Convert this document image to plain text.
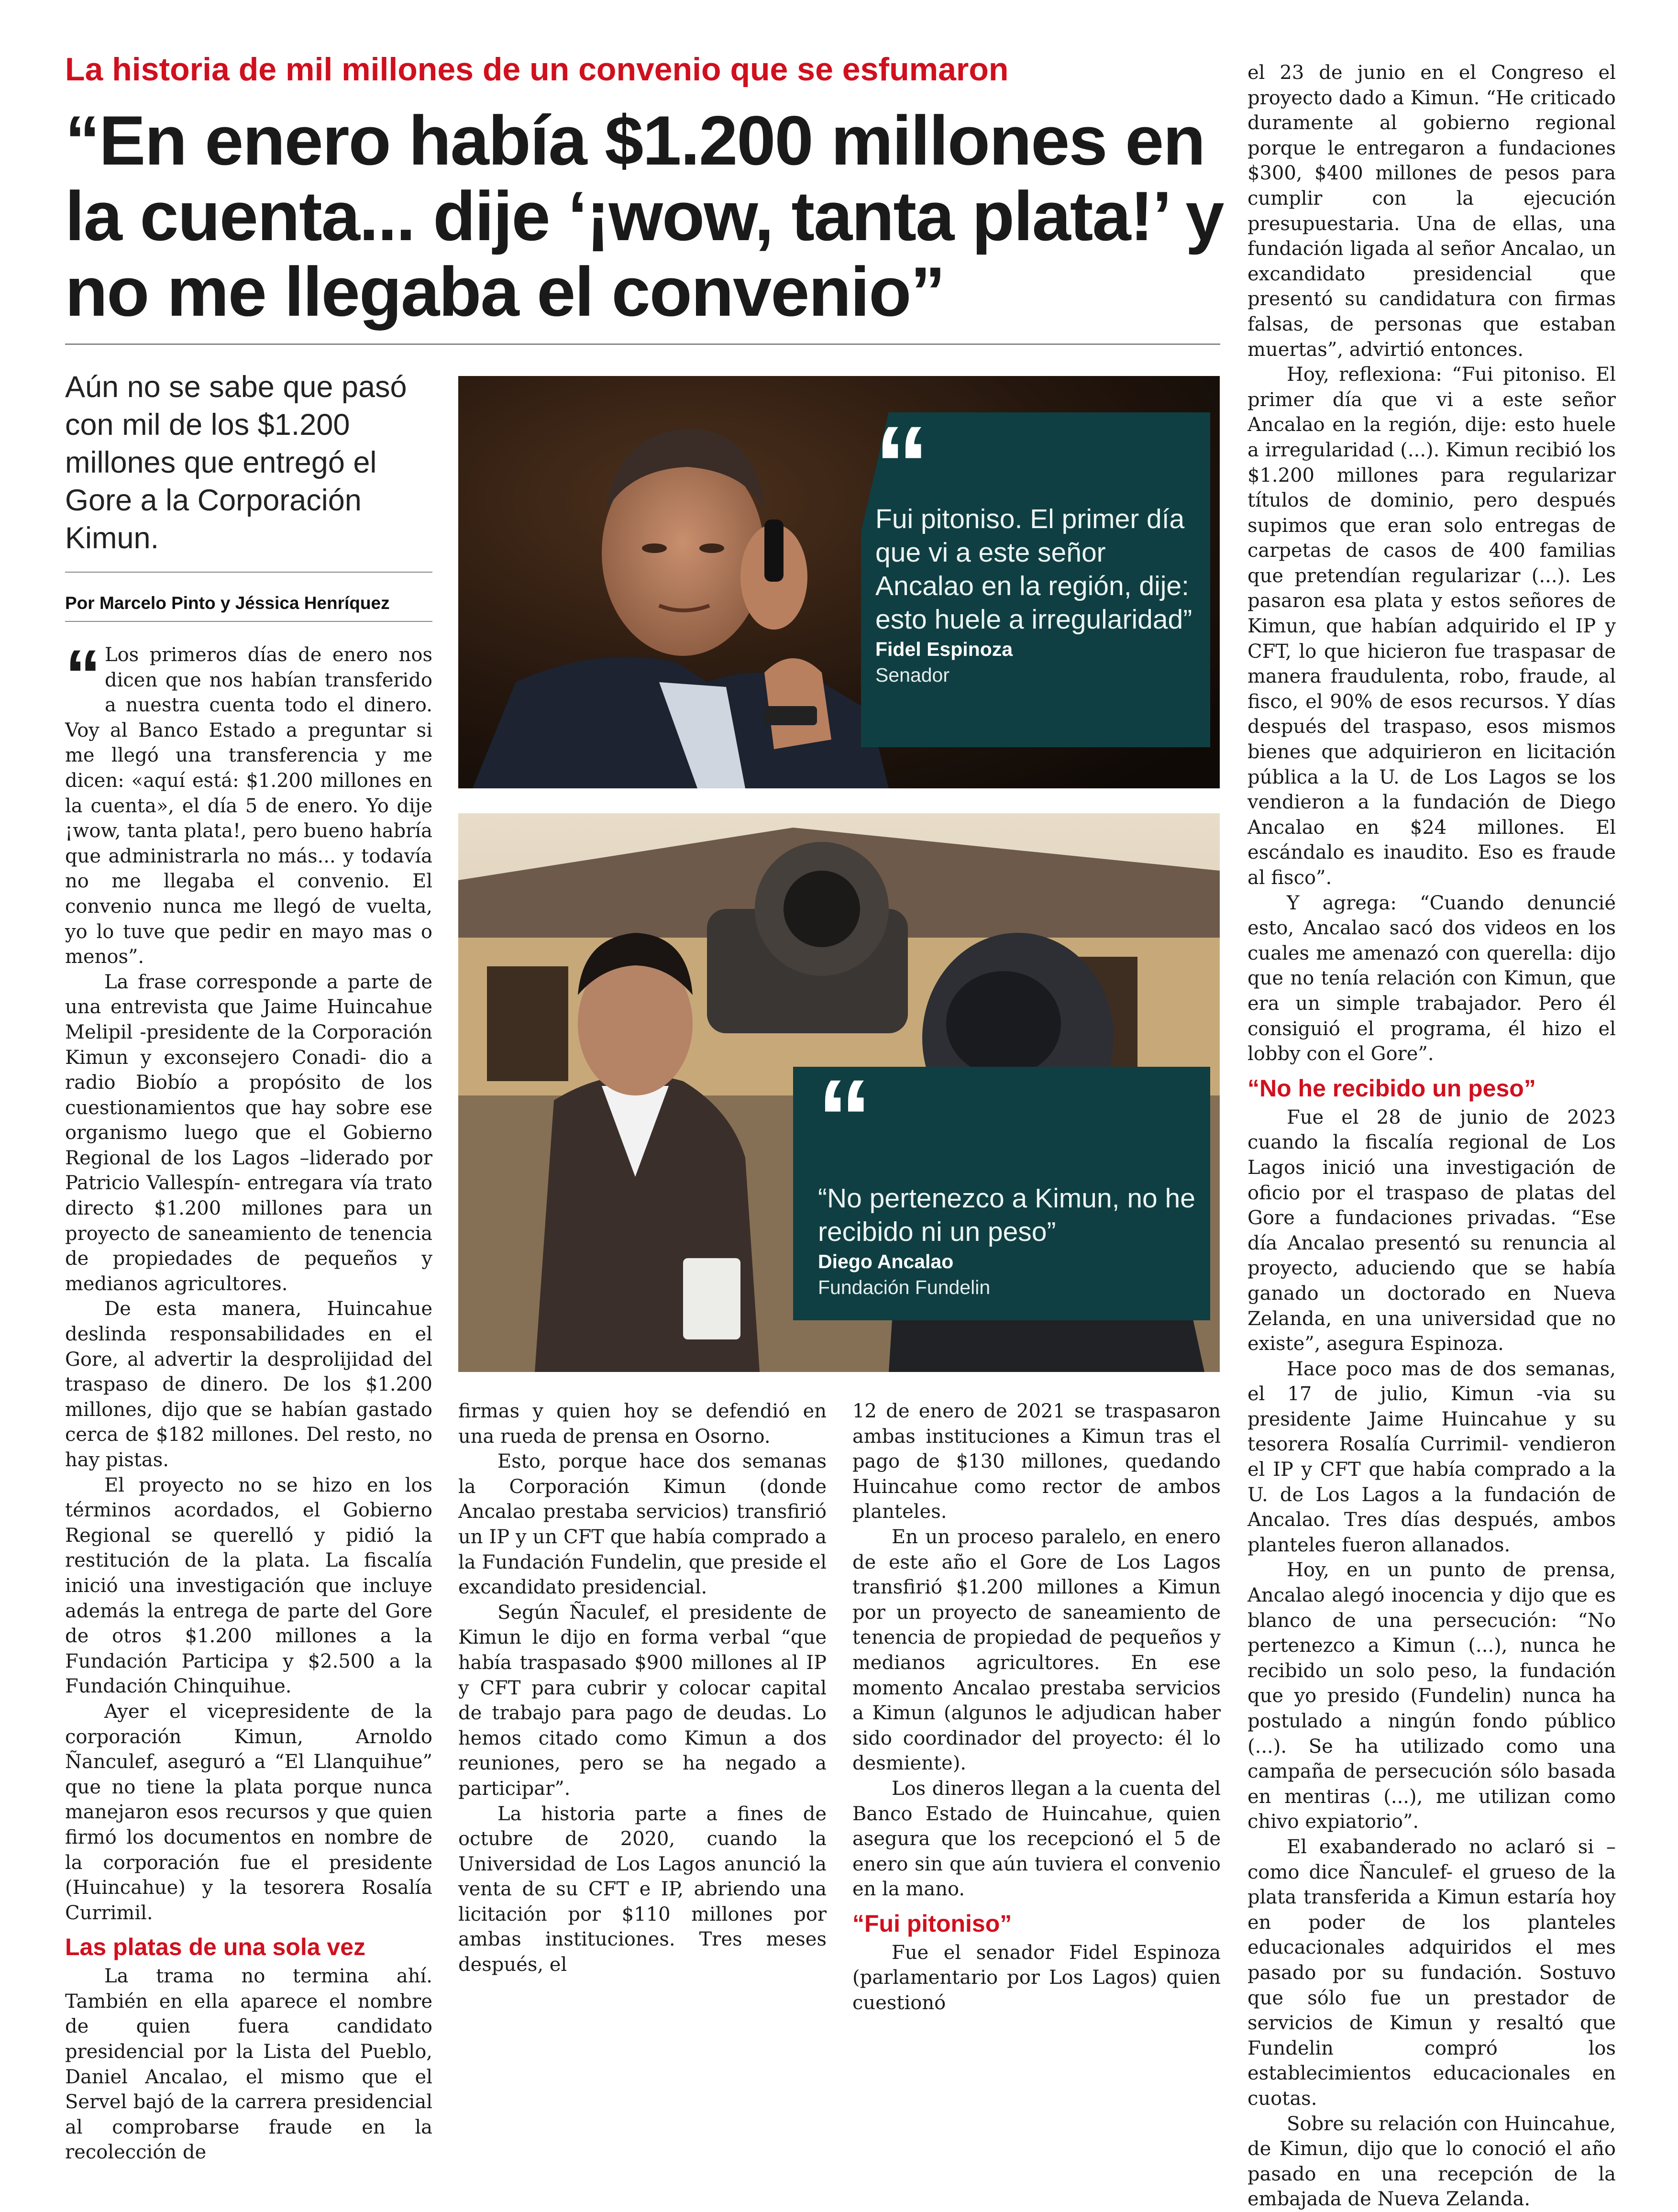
La historia de mil millones de un convenio que se esfumaron
“En enero había $1.200 millones en la cuenta... dije ‘¡wow, tanta plata!’ y no me llegaba el convenio”
Aún no se sabe que pasó con mil de los $1.200 millones que entregó el Gore a la Corporación Kimun.
Por Marcelo Pinto y Jéssica Henríquez
“ Los primeros días de enero nos dicen que nos habían transferido a nuestra cuenta todo el dinero. Voy al Banco Estado a preguntar si me llegó una transferencia y me dicen: «aquí está: $1.200 millones en la cuenta», el día 5 de enero. Yo dije ¡wow, tanta plata!, pero bueno habría que administrarla no más... y todavía no me llegaba el convenio. El convenio nunca me llegó de vuelta, yo lo tuve que pedir en mayo mas o menos”.

La frase corresponde a parte de una entrevista que Jaime Huincahue Melipil -presidente de la Corporación Kimun y exconsejero Conadi- dio a radio Biobío a propósito de los cuestionamientos que hay sobre ese organismo luego que el Gobierno Regional de los Lagos –liderado por Patricio Vallespín- entregara vía trato directo $1.200 millones para un proyecto de saneamiento de tenencia de propiedades de pequeños y medianos agricultores.

De esta manera, Huincahue deslinda responsabilidades en el Gore, al advertir la desprolijidad del traspaso de dinero. De los $1.200 millones, dijo que se habían gastado cerca de $182 millones. Del resto, no hay pistas.

El proyecto no se hizo en los términos acordados, el Gobierno Regional se querelló y pidió la restitución de la plata. La fiscalía inició una investigación que incluye además la entrega de parte del Gore de otros $1.200 millones a la Fundación Participa y $2.500 a la Fundación Chinquihue.

Ayer el vicepresidente de la corporación Kimun, Arnoldo Ñanculef, aseguró a “El Llanquihue” que no tiene la plata porque nunca manejaron esos recursos y que quien firmó los documentos en nombre de la corporación fue el presidente (Huincahue) y la tesorera Rosalía Currimil.

Las platas de una sola vez

La trama no termina ahí. También en ella aparece el nombre de quien fuera candidato presidencial por la Lista del Pueblo, Daniel Ancalao, el mismo que el Servel bajó de la carrera presidencial al comprobarse fraude en la recolección de

“
Fui pitoniso. El primer día que vi a este señor Ancalao en la región, dije: esto huele a irregularidad”
Fidel Espinoza
Senador
“
“No pertenezco a Kimun, no he recibido ni un peso”
Diego Ancalao
Fundación Fundelin

firmas y quien hoy se defendió en una rueda de prensa en Osorno.

Esto, porque hace dos semanas la Corporación Kimun (donde Ancalao prestaba servicios) transfirió un IP y un CFT que había comprado a la Fundación Fundelin, que preside el excandidato presidencial.

Según Ñaculef, el presidente de Kimun le dijo en forma verbal “que había traspasado $900 millones al IP y CFT para cubrir y colocar capital de trabajo para pago de deudas. Lo hemos citado como Kimun a dos reuniones, pero se ha negado a participar”.

La historia parte a fines de octubre de 2020, cuando la Universidad de Los Lagos anunció la venta de su CFT e IP, abriendo una licitación por $110 millones por ambas instituciones. Tres meses después, el

12 de enero de 2021 se traspasaron ambas instituciones a Kimun tras el pago de $130 millones, quedando Huincahue como rector de ambos planteles.

En un proceso paralelo, en enero de este año el Gore de Los Lagos transfirió $1.200 millones a Kimun por un proyecto de saneamiento de tenencia de propiedad de pequeños y medianos agricultores. En ese momento Ancalao prestaba servicios a Kimun (algunos le adjudican haber sido coordinador del proyecto: él lo desmiente).

Los dineros llegan a la cuenta del Banco Estado de Huincahue, quien asegura que los recepcionó el 5 de enero sin que aún tuviera el convenio en la mano.

“Fui pitoniso”

Fue el senador Fidel Espinoza (parlamentario por Los Lagos) quien cuestionó

el 23 de junio en el Congreso el proyecto dado a Kimun. “He criticado duramente al gobierno regional porque le entregaron a fundaciones $300, $400 millones de pesos para cumplir con la ejecución presupuestaria. Una de ellas, una fundación ligada al señor Ancalao, un excandidato presidencial que presentó su candidatura con firmas falsas, de personas que estaban muertas”, advirtió entonces.

Hoy, reflexiona: “Fui pitoniso. El primer día que vi a este señor Ancalao en la región, dije: esto huele a irregularidad (...). Kimun recibió los $1.200 millones para regularizar títulos de dominio, pero después supimos que eran solo entregas de carpetas de casos de 400 familias que pretendían regularizar (...). Les pasaron esa plata y estos señores de Kimun, que habían adquirido el IP y CFT, lo que hicieron fue traspasar de manera fraudulenta, robo, fraude, al fisco, el 90% de esos recursos. Y días después del traspaso, esos mismos bienes que adquirieron en licitación pública a la U. de Los Lagos se los vendieron a la fundación de Diego Ancalao en $24 millones. El escándalo es inaudito. Eso es fraude al fisco”.

Y agrega: “Cuando denuncié esto, Ancalao sacó dos videos en los cuales me amenazó con querella: dijo que no tenía relación con Kimun, que era un simple trabajador. Pero él consiguió el programa, él hizo el lobby con el Gore”.

“No he recibido un peso”

Fue el 28 de junio de 2023 cuando la fiscalía regional de Los Lagos inició una investigación de oficio por el traspaso de platas del Gore a fundaciones privadas. “Ese día Ancalao presentó su renuncia al proyecto, aduciendo que se había ganado un doctorado en Nueva Zelanda, en una universidad que no existe”, asegura Espinoza.

Hace poco mas de dos semanas, el 17 de julio, Kimun -via su presidente Jaime Huincahue y su tesorera Rosalía Currimil- vendieron el IP y CFT que había comprado a la U. de Los Lagos a la fundación de Ancalao. Tres días después, ambos planteles fueron allanados.

Hoy, en un punto de prensa, Ancalao alegó inocencia y dijo que es blanco de una persecución: “No pertenezco a Kimun (...), nunca he recibido un solo peso, la fundación que yo presido (Fundelin) nunca ha postulado a ningún fondo público (...). Se ha utilizado como una campaña de persecución sólo basada en mentiras (...), me utilizan como chivo expiatorio”.

El exabanderado no aclaró si –como dice Ñanculef- el grueso de la plata transferida a Kimun estaría hoy en poder de los planteles educacionales adquiridos el mes pasado por su fundación. Sostuvo que sólo fue un prestador de servicios de Kimun y resaltó que Fundelin compró los establecimientos educacionales en cuotas.

Sobre su relación con Huincahue, de Kimun, dijo que lo conoció el año pasado en una recepción de la embajada de Nueva Zelanda.
